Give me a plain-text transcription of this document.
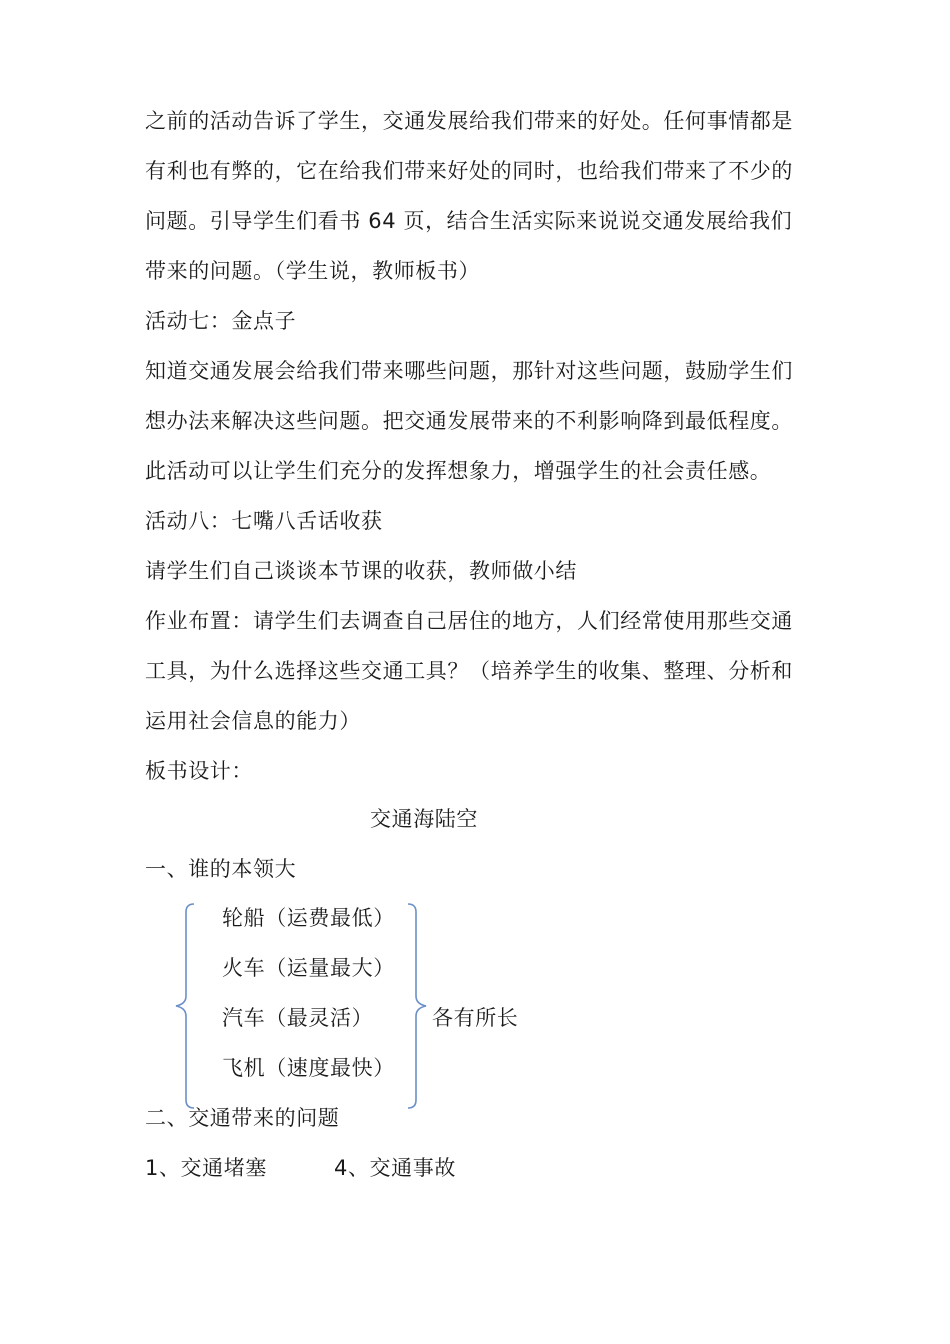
之前的活动告诉了学生，交通发展给我们带来的好处。任何事情都是
有利也有弊的，它在给我们带来好处的同时，也给我们带来了不少的
问题。引导学生们看书 64 页，结合生活实际来说说交通发展给我们
带来的问题。（学生说，教师板书）
活动七：金点子
知道交通发展会给我们带来哪些问题，那针对这些问题，鼓励学生们
想办法来解决这些问题。把交通发展带来的不利影响降到最低程度。
此活动可以让学生们充分的发挥想象力，增强学生的社会责任感。
活动八：七嘴八舌话收获
请学生们自己谈谈本节课的收获，教师做小结
作业布置：请学生们去调查自己居住的地方，人们经常使用那些交通
工具，为什么选择这些交通工具？（培养学生的收集、整理、分析和
运用社会信息的能力）
板书设计：
交通海陆空
一、谁的本领大
轮船（运费最低）
火车（运量最大）
汽车（最灵活）
飞机（速度最快）
各有所长
二、交通带来的问题
1、交通堵塞	4、交通事故
